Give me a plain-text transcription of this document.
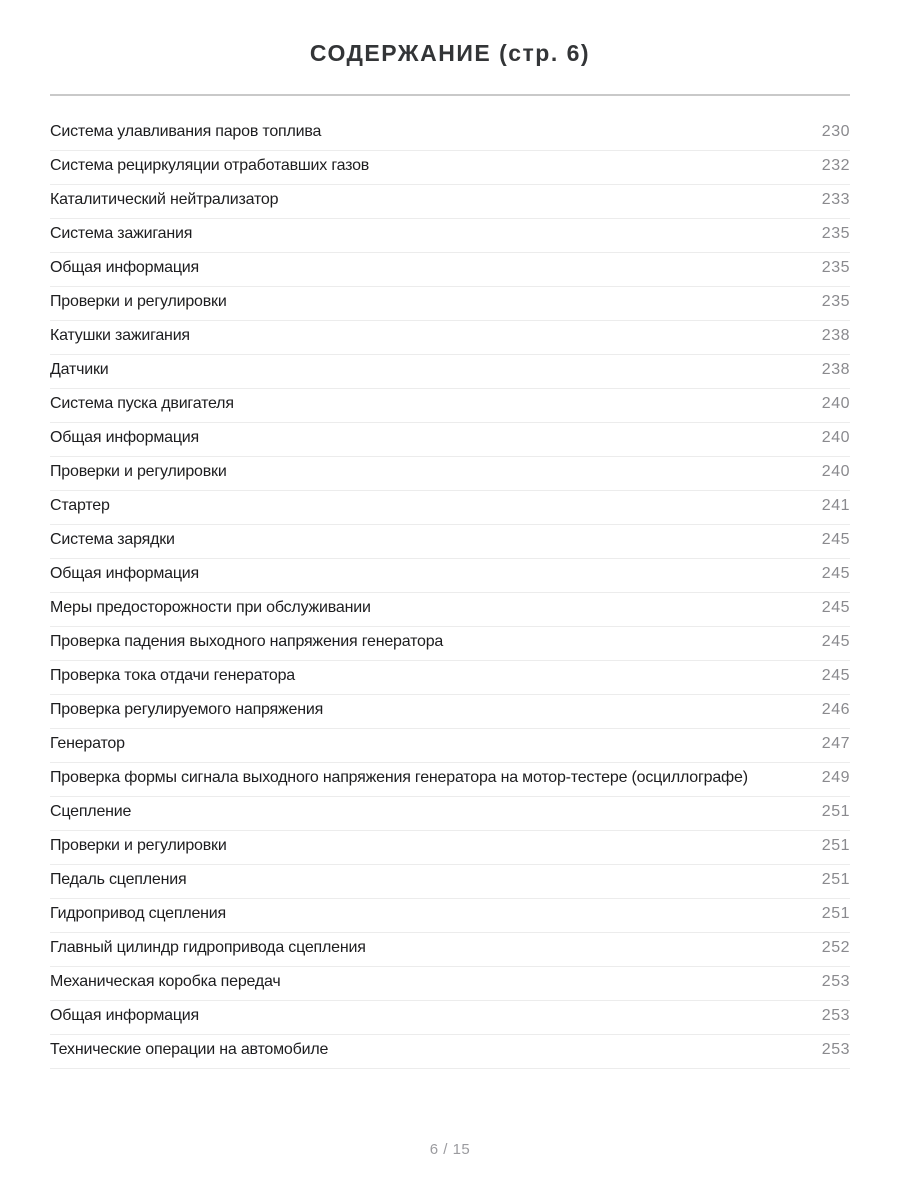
СОДЕРЖАНИЕ (стр. 6)
Система улавливания паров топлива	230
Система рециркуляции отработавших газов	232
Каталитический нейтрализатор	233
Система зажигания	235
Общая информация	235
Проверки и регулировки	235
Катушки зажигания	238
Датчики	238
Система пуска двигателя	240
Общая информация	240
Проверки и регулировки	240
Стартер	241
Система зарядки	245
Общая информация	245
Меры предосторожности при обслуживании	245
Проверка падения выходного напряжения генератора	245
Проверка тока отдачи генератора	245
Проверка регулируемого напряжения	246
Генератор	247
Проверка формы сигнала выходного напряжения генератора на мотор-тестере (осциллографе)	249
Сцепление	251
Проверки и регулировки	251
Педаль сцепления	251
Гидропривод сцепления	251
Главный цилиндр гидропривода сцепления	252
Механическая коробка передач	253
Общая информация	253
Технические операции на автомобиле	253
6 / 15
